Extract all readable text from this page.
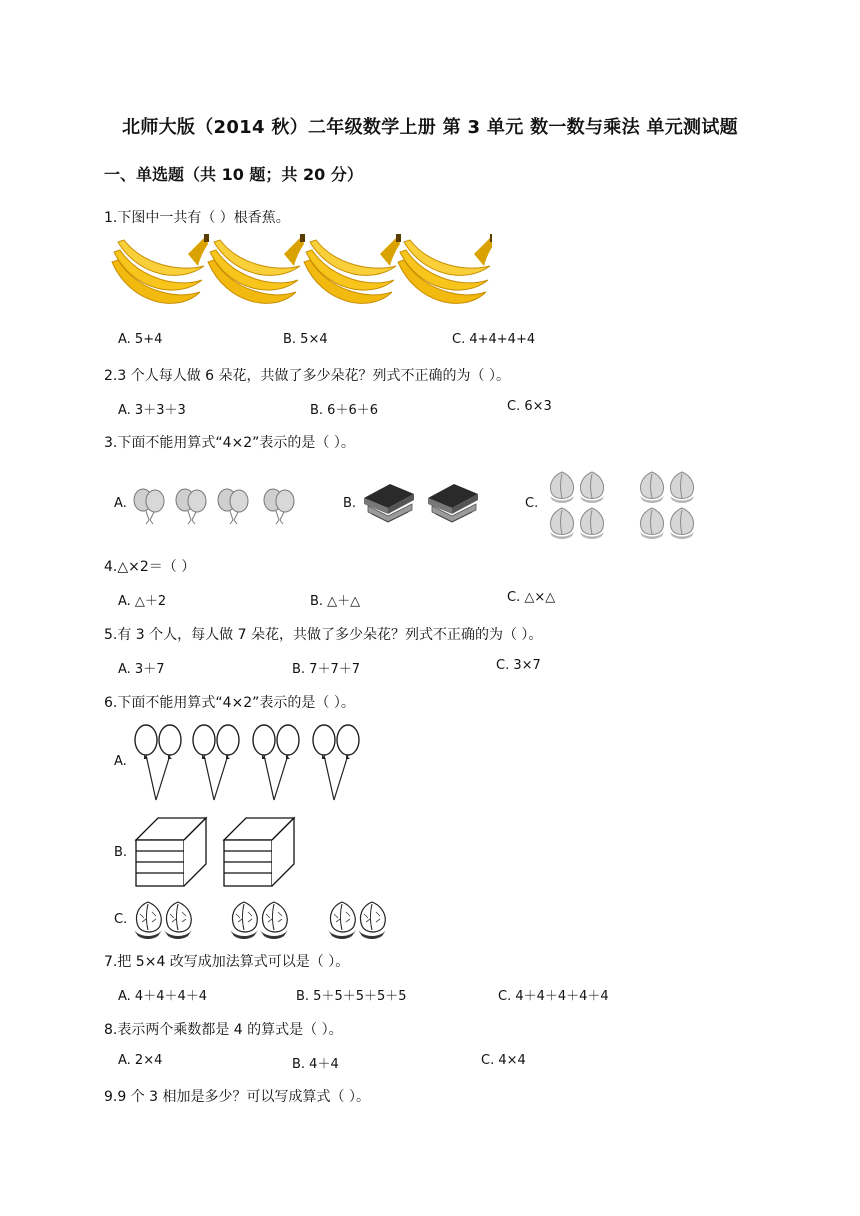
北师大版（2014 秋）二年级数学上册 第 3 单元 数一数与乘法 单元测试题
一、单选题（共 10 题；共 20 分）
1.下图中一共有（ ）根香蕉。
A. 5+4	B. 5×4	C. 4+4+4+4
2.3 个人每人做 6 朵花，共做了多少朵花？列式不正确的为（ ）。
A. 3＋3＋3	B. 6＋6＋6	C. 6×3
3.下面不能用算式“4×2”表示的是（ ）。
A.	B.	C.
4.△×2＝（ ）
A. △＋2	B. △＋△	C. △×△
5.有 3 个人，每人做 7 朵花，共做了多少朵花？列式不正确的为（ ）。
A. 3＋7	B. 7＋7＋7	C. 3×7
6.下面不能用算式“4×2”表示的是（ ）。
A.
B.
C.
7.把 5×4 改写成加法算式可以是（ ）。
A. 4＋4＋4＋4	B. 5＋5＋5＋5＋5	C. 4＋4＋4＋4＋4
8.表示两个乘数都是 4 的算式是（ ）。
A. 2×4	B. 4＋4	C. 4×4
9.9 个 3 相加是多少？可以写成算式（ ）。
